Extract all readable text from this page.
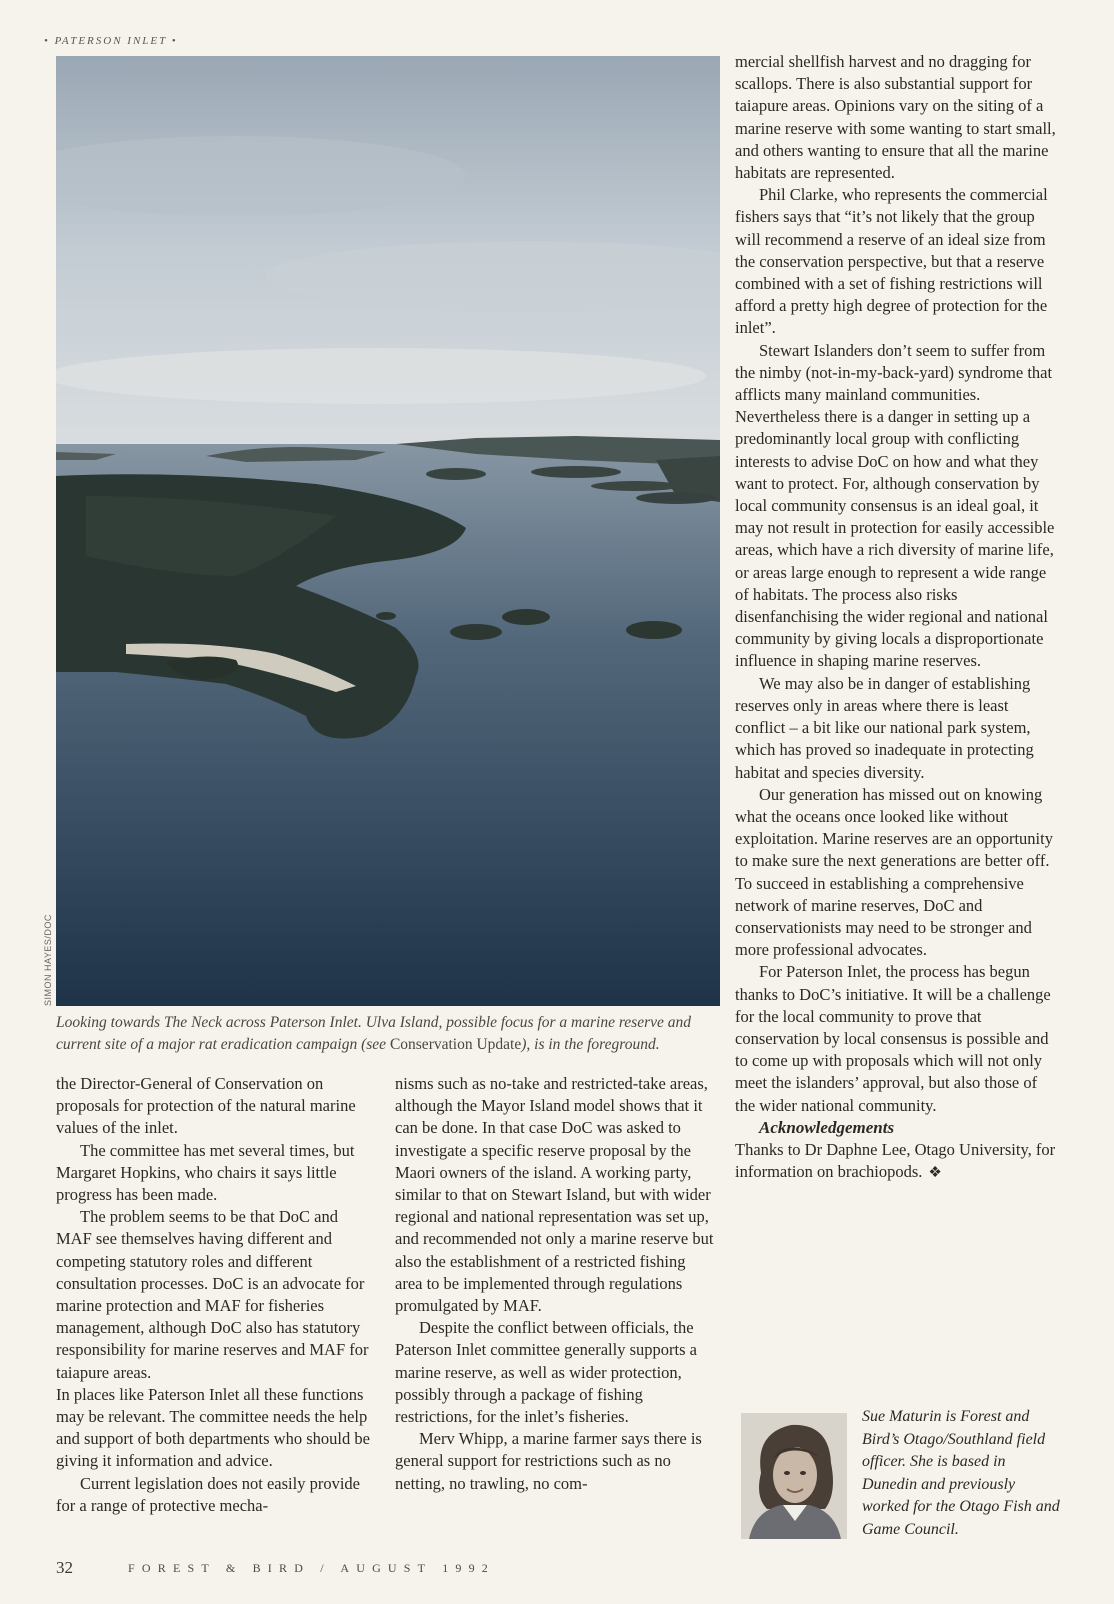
• PATERSON INLET •
SIMON HAYES/DOC
Looking towards The Neck across Paterson Inlet. Ulva Island, possible focus for a marine reserve and current site of a major rat eradication campaign (see Conservation Update), is in the foreground.

the Director-General of Conservation on proposals for protection of the natural marine values of the inlet.

The committee has met several times, but Margaret Hopkins, who chairs it says little progress has been made.

The problem seems to be that DoC and MAF see themselves having different and competing statutory roles and different consultation processes. DoC is an advocate for marine protection and MAF for fisheries management, although DoC also has statutory responsibility for marine reserves and MAF for taiapure areas.

In places like Paterson Inlet all these functions may be relevant. The committee needs the help and support of both departments who should be giving it information and advice.

Current legislation does not easily provide for a range of protective mecha-

nisms such as no-take and restricted-take areas, although the Mayor Island model shows that it can be done. In that case DoC was asked to investigate a specific reserve proposal by the Maori owners of the island. A working party, similar to that on Stewart Island, but with wider regional and national representation was set up, and recommended not only a marine reserve but also the establishment of a restricted fishing area to be implemented through regulations promulgated by MAF.

Despite the conflict between officials, the Paterson Inlet committee generally supports a marine reserve, as well as wider protection, possibly through a package of fishing restrictions, for the inlet’s fisheries.

Merv Whipp, a marine farmer says there is general support for restrictions such as no netting, no trawling, no com-

mercial shellfish harvest and no dragging for scallops. There is also substantial support for taiapure areas. Opinions vary on the siting of a marine reserve with some wanting to start small, and others wanting to ensure that all the marine habitats are represented.

Phil Clarke, who represents the commercial fishers says that “it’s not likely that the group will recommend a reserve of an ideal size from the conservation perspective, but that a reserve combined with a set of fishing restrictions will afford a pretty high degree of protection for the inlet”.

Stewart Islanders don’t seem to suffer from the nimby (not-in-my-back-yard) syndrome that afflicts many mainland communities. Nevertheless there is a danger in setting up a predominantly local group with conflicting interests to advise DoC on how and what they want to protect. For, although conservation by local community consensus is an ideal goal, it may not result in protection for easily accessible areas, which have a rich diversity of marine life, or areas large enough to represent a wide range of habitats. The process also risks disenfanchising the wider regional and national community by giving locals a disproportionate influence in shaping marine reserves.

We may also be in danger of establishing reserves only in areas where there is least conflict – a bit like our national park system, which has proved so inadequate in protecting habitat and species diversity.

Our generation has missed out on knowing what the oceans once looked like without exploitation. Marine reserves are an opportunity to make sure the next generations are better off. To succeed in establishing a comprehensive network of marine reserves, DoC and conservationists may need to be stronger and more professional advocates.

For Paterson Inlet, the process has begun thanks to DoC’s initiative. It will be a challenge for the local community to prove that conservation by local consensus is possible and to come up with proposals which will not only meet the islanders’ approval, but also those of the wider national community.

Acknowledgements

Thanks to Dr Daphne Lee, Otago University, for information on brachiopods. ❖

Sue Maturin is Forest and Bird’s Otago/Southland field officer. She is based in Dunedin and previously worked for the Otago Fish and Game Council.
32	FOREST & BIRD / AUGUST 1992
